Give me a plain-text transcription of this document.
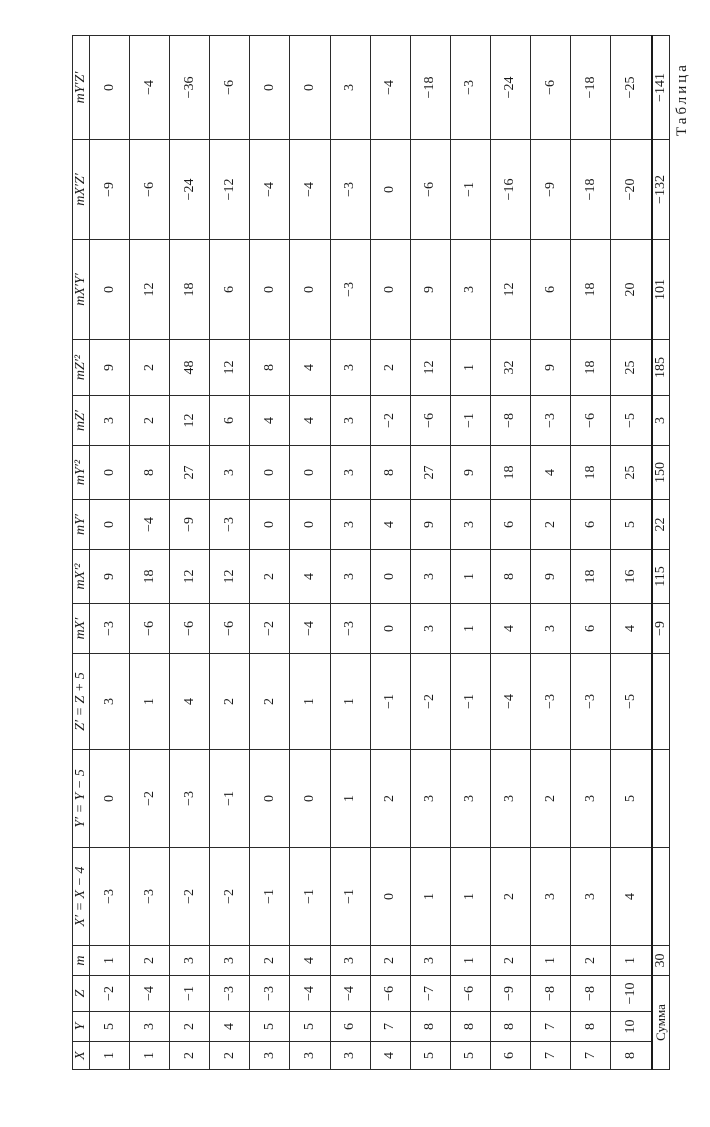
Таблица
X	Y	Z	m	X′ = X − 4	Y′ = Y − 5	Z′ = Z + 5	mX′	mX′²	mY′	mY′²	mZ′	mZ′²	mX′Y′	mX′Z′	mY′Z′
1	5	−2	1	−3	0	3	−3	9	0	0	3	9	0	−9	0
1	3	−4	2	−3	−2	1	−6	18	−4	8	2	2	12	−6	−4
2	2	−1	3	−2	−3	4	−6	12	−9	27	12	48	18	−24	−36
2	4	−3	3	−2	−1	2	−6	12	−3	3	6	12	6	−12	−6
3	5	−3	2	−1	0	2	−2	2	0	0	4	8	0	−4	0
3	5	−4	4	−1	0	1	−4	4	0	0	4	4	0	−4	0
3	6	−4	3	−1	1	1	−3	3	3	3	3	3	−3	−3	3
4	7	−6	2	0	2	−1	0	0	4	8	−2	2	0	0	−4
5	8	−7	3	1	3	−2	3	3	9	27	−6	12	9	−6	−18
5	8	−6	1	1	3	−1	1	1	3	9	−1	1	3	−1	−3
6	8	−9	2	2	3	−4	4	8	6	18	−8	32	12	−16	−24
7	7	−8	1	3	2	−3	3	9	2	4	−3	9	6	−9	−6
7	8	−8	2	3	3	−3	6	18	6	18	−6	18	18	−18	−18
8	10	−10	1	4	5	−5	4	16	5	25	−5	25	20	−20	−25
Сумма			30				−9	115	22	150	3	185	101	−132	−141
